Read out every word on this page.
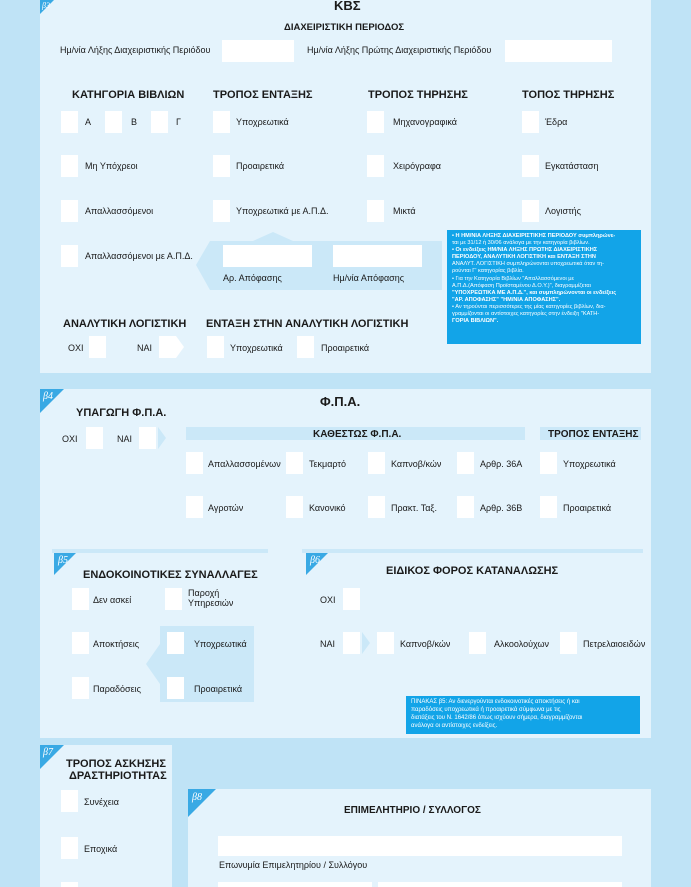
β3	ΚΒΣ
ΔΙΑΧΕΙΡΙΣΤΙΚΗ ΠΕΡΙΟΔΟΣ
Ημ/νία Λήξης Διαχειριστικής Περιόδου	Ημ/νία Λήξης Πρώτης Διαχειριστικής Περιόδου
ΚΑΤΗΓΟΡΙΑ ΒΙΒΛΙΩΝ	ΤΡΟΠΟΣ ΕΝΤΑΞΗΣ	ΤΡΟΠΟΣ ΤΗΡΗΣΗΣ	ΤΟΠΟΣ ΤΗΡΗΣΗΣ
Α	Β	Γ	Υποχρεωτικά	Μηχανογραφικά	Έδρα
Μη Υπόχρεοι	Προαιρετικά	Χειρόγραφα	Εγκατάσταση
Απαλλασσόμενοι	Υποχρεωτικά με Α.Π.Δ.	Μικτά	Λογιστής
Απαλλασσόμενοι με Α.Π.Δ.
Αρ. Απόφασης	Ημ/νία Απόφασης
• Η ΗΜ/ΝΙΑ ΛΗΞΗΣ ΔΙΑΧΕΙΡΙΣΤΙΚΗΣ ΠΕΡΙΟΔΟΥ συμπληρώνε-
ται με 31/12 ή 30/06 ανάλογα με την κατηγορία βιβλίων.
• Οι ενδείξεις ΗΜ/ΝΙΑ ΛΗΞΗΣ ΠΡΩΤΗΣ ΔΙΑΧΕΙΡΙΣΤΙΚΗΣ
ΠΕΡΙΟΔΟΥ, ΑΝΑΛΥΤΙΚΗ ΛΟΓΙΣΤΙΚΗ και ΕΝΤΑΞΗ ΣΤΗΝ
ΑΝΑΛΥΤ. ΛΟΓΙΣΤΙΚΗ συμπληρώνονται υποχρεωτικά όταν τη-
ρούνται Γ' κατηγορίας βιβλία.
• Για την Κατηγορία Βιβλίων "Απαλλασσόμενοι με
Α.Π.Δ.(Απόφαση Προϊσταμένου Δ.Ο.Υ.)", διαγραμμίζεται
"ΥΠΟΧΡΕΩΤΙΚΑ ΜΕ Α.Π.Δ.", και συμπληρώνονται οι ενδείξεις
"ΑΡ. ΑΠΟΦΑΣΗΣ" "ΗΜ/ΝΙΑ ΑΠΟΦΑΣΗΣ".
• Αν τηρούνται περισσότερες της μίας κατηγορίες βιβλίων, δια-
γραμμίζονται οι αντίστοιχες κατηγορίες στην ένδειξη "ΚΑΤΗ-
ΓΟΡΙΑ ΒΙΒΛΙΩΝ".
ΑΝΑΛΥΤΙΚΗ ΛΟΓΙΣΤΙΚΗ
ΟΧΙ	ΝΑΙ
ΕΝΤΑΞΗ ΣΤΗΝ ΑΝΑΛΥΤΙΚΗ ΛΟΓΙΣΤΙΚΗ
Υποχρεωτικά	Προαιρετικά
β4	Φ.Π.Α.
ΥΠΑΓΩΓΗ Φ.Π.Α.
ΟΧΙ	ΝΑΙ	ΚΑΘΕΣΤΩΣ Φ.Π.Α.	ΤΡΟΠΟΣ ΕΝΤΑΞΗΣ
Απαλλασσομένων	Τεκμαρτό	Καπνοβ/κών	Αρθρ. 36Α	Υποχρεωτικά
Αγροτών	Κανονικό	Πρακτ. Ταξ.	Αρθρ. 36Β	Προαιρετικά
β5
ΕΝΔΟΚΟΙΝΟΤΙΚΕΣ ΣΥΝΑΛΛΑΓΕΣ
Δεν ασκεί
Παροχή
Υπηρεσιών
Αποκτήσεις	Υποχρεωτικά
Παραδόσεις	Προαιρετικά
β6
ΕΙΔΙΚΟΣ ΦΟΡΟΣ ΚΑΤΑΝΑΛΩΣΗΣ
ΟΧΙ
ΝΑΙ	Καπνοβ/κών	Αλκοολούχων	Πετρελαιοειδών
ΠΙΝΑΚΑΣ β5: Αν διενεργούνται ενδοκοινοτικές αποκτήσεις ή και
παραδόσεις υποχρεωτικά ή προαιρετικά σύμφωνα με τις
διατάξεις του Ν. 1642/86 όπως ισχύουν σήμερα, διαγραμμίζονται
ανάλογα οι αντίστοιχες ενδείξεις.
β7
ΤΡΟΠΟΣ ΑΣΚΗΣΗΣ
ΔΡΑΣΤΗΡΙΟΤΗΤΑΣ
Συνέχεια
Εποχικά
β8
ΕΠΙΜΕΛΗΤΗΡΙΟ / ΣΥΛΛΟΓΟΣ
Επωνυμία Επιμελητηρίου / Συλλόγου
